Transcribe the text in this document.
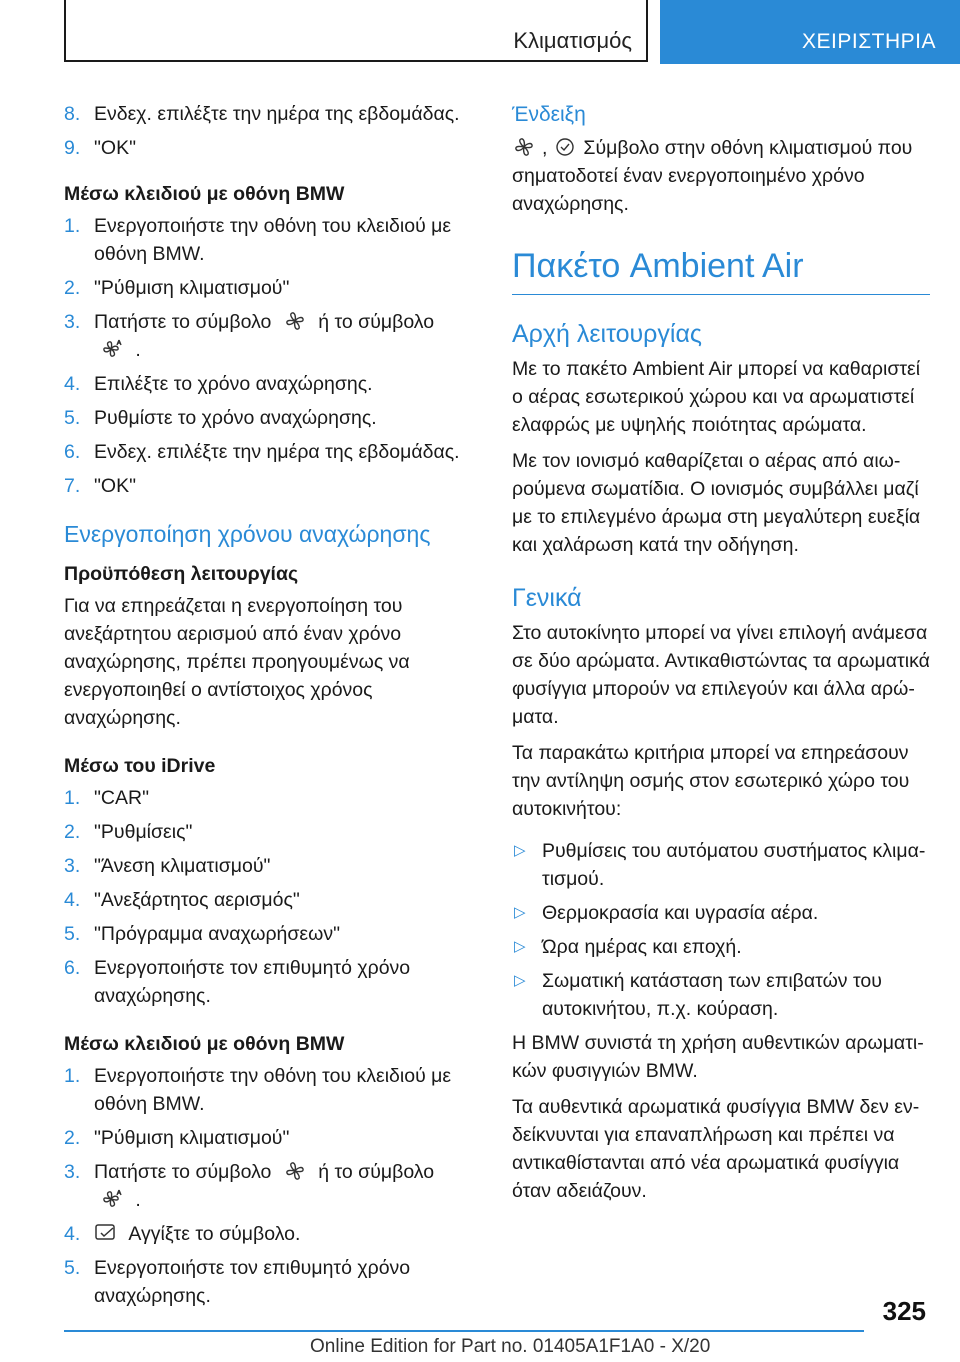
Κλιματισμός	ΧΕΙΡΙΣΤΗΡΙΑ
8. Ενδεχ. επιλέξτε την ημέρα της εβδομάδας.
9. "OK"
Μέσω κλειδιού με οθόνη BMW
1. Ενεργοποιήστε την οθόνη του κλειδιού με οθόνη BMW.
2. "Ρύθμιση κλιματισμού"
3. Πατήστε το σύμβολο ή το σύμβολο  .
4. Επιλέξτε το χρόνο αναχώρησης.
5. Ρυθμίστε το χρόνο αναχώρησης.
6. Ενδεχ. επιλέξτε την ημέρα της εβδομάδας.
7. "OK"
Ενεργοποίηση χρόνου αναχώρησης
Προϋπόθεση λειτουργίας

Για να επηρεάζεται η ενεργοποίηση του ανεξάρτητου αερισμού από έναν χρόνο αναχώρησης, πρέπει προηγουμένως να ενεργοποιηθεί ο αντίστοιχος χρόνος αναχώρησης.

Μέσω του iDrive
1. "CAR"
2. "Ρυθμίσεις"
3. "Άνεση κλιματισμού"
4. "Ανεξάρτητος αερισμός"
5. "Πρόγραμμα αναχωρήσεων"
6. Ενεργοποιήστε τον επιθυμητό χρόνο αναχώρησης.
Μέσω κλειδιού με οθόνη BMW
1. Ενεργοποιήστε την οθόνη του κλειδιού με οθόνη BMW.
2. "Ρύθμιση κλιματισμού"
3. Πατήστε το σύμβολο ή το σύμβολο  .
4. Αγγίξτε το σύμβολο.
5. Ενεργοποιήστε τον επιθυμητό χρόνο αναχώρησης.
Ένδειξη

, Σύμβολο στην οθόνη κλιματισμού που σηματοδοτεί έναν ενεργοποιημένο χρόνο αναχώρησης.

Πακέτο Ambient Air
Αρχή λειτουργίας

Με το πακέτο Ambient Air μπορεί να καθαριστεί ο αέρας εσωτερικού χώρου και να αρωματιστεί ελαφρώς με υψηλής ποιότητας αρώματα.

Με τον ιονισμό καθαρίζεται ο αέρας από αιωρούμενα σωματίδια. Ο ιονισμός συμβάλλει μαζί με το επιλεγμένο άρωμα στη μεγαλύτερη ευεξία και χαλάρωση κατά την οδήγηση.

Γενικά

Στο αυτοκίνητο μπορεί να γίνει επιλογή ανάμεσα σε δύο αρώματα. Αντικαθιστώντας τα αρωματικά φυσίγγια μπορούν να επιλεγούν και άλλα αρώματα.

Τα παρακάτω κριτήρια μπορεί να επηρεάσουν την αντίληψη οσμής στον εσωτερικό χώρο του αυτοκινήτου:

▷ Ρυθμίσεις του αυτόματου συστήματος κλιματισμού.
▷ Θερμοκρασία και υγρασία αέρα.
▷ Ώρα ημέρας και εποχή.
▷ Σωματική κατάσταση των επιβατών του αυτοκινήτου, π.χ. κούραση.

Η BMW συνιστά τη χρήση αυθεντικών αρωματικών φυσιγγιών BMW.

Τα αυθεντικά αρωματικά φυσίγγια BMW δεν ενδείκνυνται για επαναπλήρωση και πρέπει να αντικαθίστανται από νέα αρωματικά φυσίγγια όταν αδειάζουν.

325
Online Edition for Part no. 01405A1F1A0 - X/20
